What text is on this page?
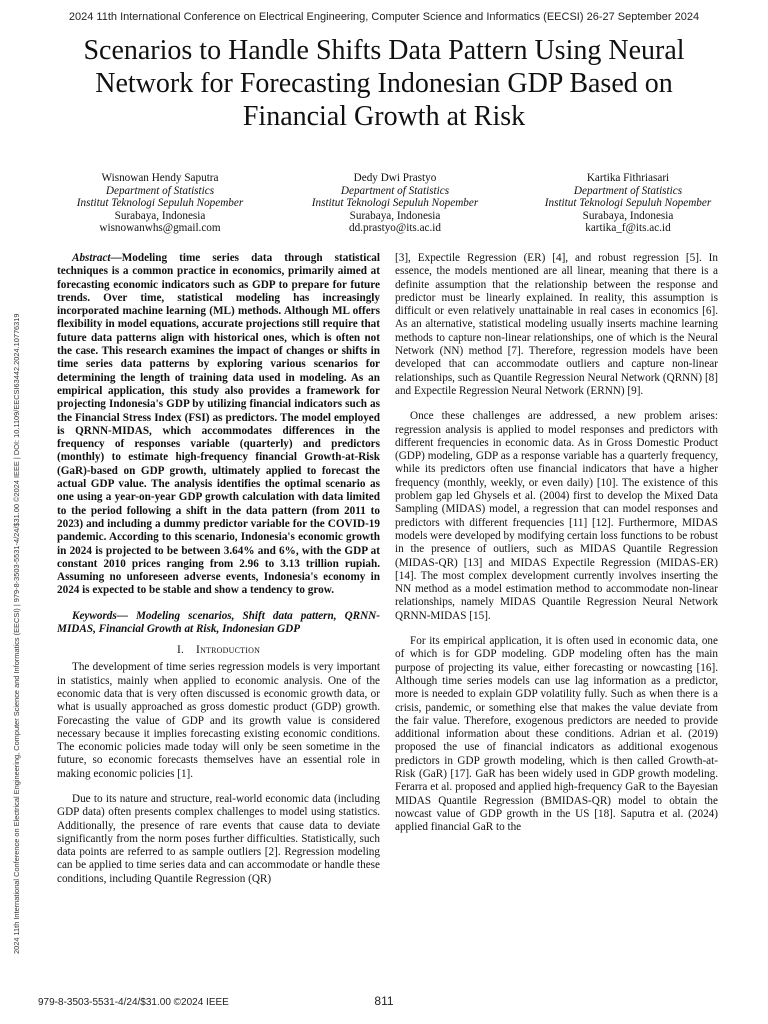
2024 11th International Conference on Electrical Engineering, Computer Science and Informatics (EECSI) 26-27 September 2024
Scenarios to Handle Shifts Data Pattern Using Neural Network for Forecasting Indonesian GDP Based on Financial Growth at Risk
Wisnowan Hendy Saputra
Department of Statistics
Institut Teknologi Sepuluh Nopember
Surabaya, Indonesia
wisnowanwhs@gmail.com
Dedy Dwi Prastyo
Department of Statistics
Institut Teknologi Sepuluh Nopember
Surabaya, Indonesia
dd.prastyo@its.ac.id
Kartika Fithriasari
Department of Statistics
Institut Teknologi Sepuluh Nopember
Surabaya, Indonesia
kartika_f@its.ac.id
2024 11th International Conference on Electrical Engineering, Computer Science and Informatics (EECSI) | 979-8-3503-5531-4/24/$31.00 ©2024 IEEE | DOI: 10.1109/EECSI63442.2024.10776319

Abstract—Modeling time series data through statistical techniques is a common practice in economics, primarily aimed at forecasting economic indicators such as GDP to prepare for future trends. Over time, statistical modeling has increasingly incorporated machine learning (ML) methods. Although ML offers flexibility in model equations, accurate projections still require that future data patterns align with historical ones, which is often not the case. This research examines the impact of changes or shifts in time series data patterns by exploring various scenarios for determining the length of training data used in modeling. As an empirical application, this study also provides a framework for projecting Indonesia's GDP by utilizing financial indicators such as the Financial Stress Index (FSI) as predictors. The model employed is QRNN-MIDAS, which accommodates differences in the frequency of responses variable (quarterly) and predictors (monthly) to estimate high-frequency financial Growth-at-Risk (GaR)-based on GDP growth, ultimately applied to forecast the actual GDP value. The analysis identifies the optimal scenario as one using a year-on-year GDP growth calculation with data limited to the period following a shift in the data pattern (from 2011 to 2023) and including a dummy predictor variable for the COVID-19 pandemic. According to this scenario, Indonesia's economic growth in 2024 is projected to be between 3.64% and 6%, with the GDP at constant 2010 prices ranging from 2.96 to 3.13 trillion rupiah. Assuming no unforeseen adverse events, Indonesia's economy in 2024 is expected to be stable and show a tendency to grow.

Keywords— Modeling scenarios, Shift data pattern, QRNN-MIDAS, Financial Growth at Risk, Indonesian GDP

I. Introduction

The development of time series regression models is very important in statistics, mainly when applied to economic analysis. One of the economic data that is very often discussed is economic growth data, or what is usually approached as gross domestic product (GDP) growth. Forecasting the value of GDP and its growth value is considered necessary because it implies forecasting existing economic conditions. The economic policies made today will only be seen sometime in the future, so economic forecasts themselves have an essential role in making economic policies [1].

Due to its nature and structure, real-world economic data (including GDP data) often presents complex challenges to model using statistics. Additionally, the presence of rare events that cause data to deviate significantly from the norm poses further difficulties. Statistically, such data points are referred to as sample outliers [2]. Regression modeling can be applied to time series data and can accommodate or handle these conditions, including Quantile Regression (QR)

[3], Expectile Regression (ER) [4], and robust regression [5]. In essence, the models mentioned are all linear, meaning that there is a definite assumption that the relationship between the response and predictor must be linearly explained. In reality, this assumption is difficult or even relatively unattainable in real cases in economics [6]. As an alternative, statistical modeling usually inserts machine learning methods to capture non-linear relationships, one of which is the Neural Network (NN) method [7]. Therefore, regression models have been developed that can accommodate outliers and capture non-linear relationships, such as Quantile Regression Neural Network (QRNN) [8] and Expectile Regression Neural Network (ERNN) [9].

Once these challenges are addressed, a new problem arises: regression analysis is applied to model responses and predictors with different frequencies in economic data. As in Gross Domestic Product (GDP) modeling, GDP as a response variable has a quarterly frequency, while its predictors often use financial indicators that have a higher frequency (monthly, weekly, or even daily) [10]. The existence of this problem gap led Ghysels et al. (2004) first to develop the Mixed Data Sampling (MIDAS) model, a regression that can model responses and predictors with different frequencies [11] [12]. Furthermore, MIDAS models were developed by modifying certain loss functions to be robust in the presence of outliers, such as MIDAS Quantile Regression (MIDAS-QR) [13] and MIDAS Expectile Regression (MIDAS-ER) [14]. The most complex development currently involves inserting the NN method as a model estimation method to accommodate non-linear relationships, namely MIDAS Quantile Regression Neural Network QRNN-MIDAS [15].

For its empirical application, it is often used in economic data, one of which is for GDP modeling. GDP modeling often has the main purpose of projecting its value, either forecasting or nowcasting [16]. Although time series models can use lag information as a predictor, more is needed to explain GDP volatility fully. Such as when there is a crisis, pandemic, or something else that makes the value deviate from the fair value. Therefore, exogenous predictors are needed to provide additional information about these conditions. Adrian et al. (2019) proposed the use of financial indicators as additional exogenous predictors in GDP growth modeling, which is then called Growth-at-Risk (GaR) [17]. GaR has been widely used in GDP growth modeling. Ferarra et al. proposed and applied high-frequency GaR to the Bayesian MIDAS Quantile Regression (BMIDAS-QR) model to obtain the nowcast value of GDP growth in the US [18]. Saputra et al. (2024) applied financial GaR to the

979-8-3503-5531-4/24/$31.00 ©2024 IEEE	811
